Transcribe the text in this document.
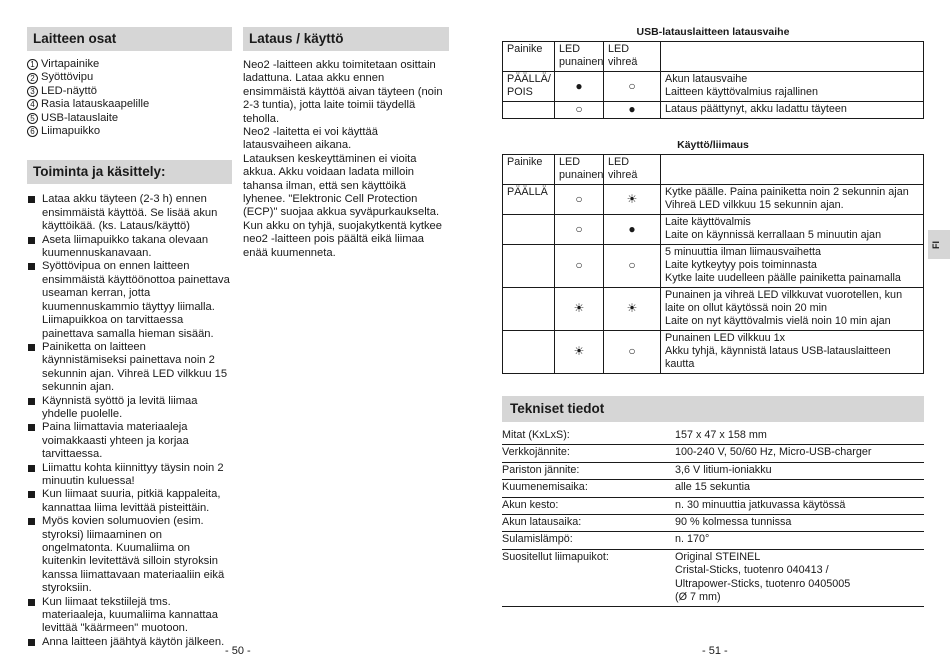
Laitteen osat
1 Virtapainike
2 Syöttövipu
3 LED-näyttö
4 Rasia latauskaapelille
5 USB-latauslaite
6 Liimapuikko
Toiminta ja käsittely:
Lataa akku täyteen (2-3 h) ennen ensimmäistä käyttöä. Se lisää akun käyttöikää. (ks. Lataus/käyttö)
Aseta liimapuikko takana olevaan kuumennuskanavaan.
Syöttövipua on ennen laitteen ensimmäistä käyttöönottoa painettava useaman kerran, jotta kuumennuskammio täyttyy liimalla. Liimapuikkoa on tarvittaessa painettava samalla hieman sisään.
Painiketta on laitteen käynnistämiseksi painettava noin 2 sekunnin ajan. Vihreä LED vilkkuu 15 sekunnin ajan.
Käynnistä syöttö ja levitä liimaa yhdelle puolelle.
Paina liimattavia materiaaleja voimakkaasti yhteen ja korjaa tarvittaessa.
Liimattu kohta kiinnittyy täysin noin 2 minuutin kuluessa!
Kun liimaat suuria, pitkiä kappaleita, kannattaa liima levittää pisteittäin.
Myös kovien solumuovien (esim. styroksi) liimaaminen on ongelmatonta. Kuumaliima on kuitenkin levitettävä silloin styroksin kanssa liimattavaan materiaaliin eikä styroksiin.
Kun liimaat tekstiilejä tms. materiaaleja, kuumaliima kannattaa levittää "käärmeen" muotoon.
Anna laitteen jäähtyä käytön jälkeen.
Lataus / käyttö
Neo2 -laitteen akku toimitetaan osittain ladattuna. Lataa akku ennen ensimmäistä käyttöä aivan täyteen (noin 2-3 tuntia), jotta laite toimii täydellä teholla.
Neo2 -laitetta ei voi käyttää latausvaiheen aikana.
Latauksen keskeyttäminen ei vioita akkua. Akku voidaan ladata milloin tahansa ilman, että sen käyttöikä lyhenee. "Elektronic Cell Protection (ECP)" suojaa akkua syväpurkaukselta. Kun akku on tyhjä, suojakytkentä kytkee neo2 -laitteen pois päältä eikä liimaa enää kuumenneta.
USB-latauslaitteen latausvaihe
Painike	LED punainen	LED vihreä	
PÄÄLLÄ/
POIS	●	○	Akun latausvaihe
Laitteen käyttövalmius rajallinen
	○	●	Lataus päättynyt, akku ladattu täyteen
Käyttö/liimaus
Painike	LED punainen	LED vihreä	
PÄÄLLÄ	○	☀	Kytke päälle. Paina painiketta noin 2 sekunnin ajan
Vihreä LED vilkkuu 15 sekunnin ajan.
	○	●	Laite käyttövalmis
Laite on käynnissä kerrallaan 5 minuutin ajan
	○	○	5 minuuttia ilman liimausvaihetta
Laite kytkeytyy pois toiminnasta
Kytke laite uudelleen päälle painiketta painamalla
	☀	☀	Punainen ja vihreä LED vilkkuvat vuorotellen, kun laite on ollut käytössä noin 20 min
Laite on nyt käyttövalmis vielä noin 10 min ajan
	☀	○	Punainen LED vilkkuu 1x
Akku tyhjä, käynnistä lataus USB-latauslaitteen kautta
Tekniset tiedot
Mitat (KxLxS):	157 x 47 x 158 mm
Verkkojännite:	100-240 V, 50/60 Hz, Micro-USB-charger
Pariston jännite:	3,6 V litium-ioniakku
Kuumenemisaika:	alle 15 sekuntia
Akun kesto:	n. 30 minuuttia jatkuvassa käytössä
Akun latausaika:	90 % kolmessa tunnissa
Sulamislämpö:	n. 170°
Suositellut liimapuikot:	Original STEINEL
Cristal-Sticks, tuotenro 040413 /
Ultrapower-Sticks, tuotenro 0405005
(Ø 7 mm)
FI
- 50 -	- 51 -
